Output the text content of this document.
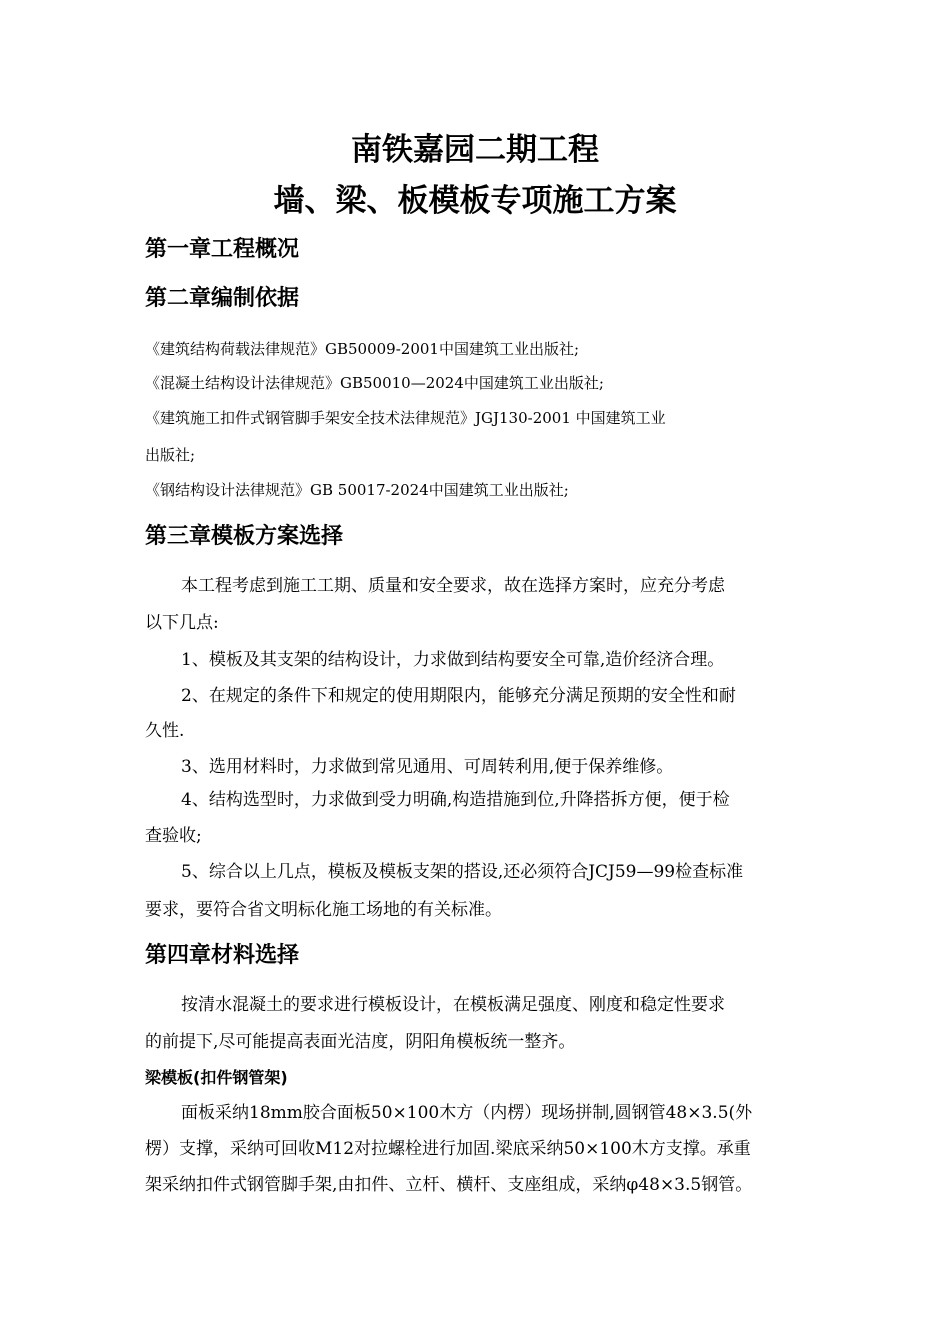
南铁嘉园二期工程
墙、梁、板模板专项施工方案
第一章工程概况
第二章编制依据
《建筑结构荷载法律规范》GB50009-2001中国建筑工业出版社;
《混凝土结构设计法律规范》GB50010—2024中国建筑工业出版社;
《建筑施工扣件式钢管脚手架安全技术法律规范》JGJ130-2001 中国建筑工业
出版社;
《钢结构设计法律规范》GB 50017-2024中国建筑工业出版社;
第三章模板方案选择
本工程考虑到施工工期、质量和安全要求，故在选择方案时，应充分考虑
以下几点:
1、模板及其支架的结构设计，力求做到结构要安全可靠,造价经济合理。
2、在规定的条件下和规定的使用期限内，能够充分满足预期的安全性和耐
久性.
3、选用材料时，力求做到常见通用、可周转利用,便于保养维修。
4、结构选型时，力求做到受力明确,构造措施到位,升降搭拆方便，便于检
查验收;
5、综合以上几点，模板及模板支架的搭设,还必须符合JCJ59—99检查标准
要求，要符合省文明标化施工场地的有关标准。
第四章材料选择
按清水混凝土的要求进行模板设计，在模板满足强度、刚度和稳定性要求
的前提下,尽可能提高表面光洁度，阴阳角模板统一整齐。
梁模板(扣件钢管架)
面板采纳18mm胶合面板50×100木方（内楞）现场拼制,圆钢管48×3.5(外
楞）支撑，采纳可回收M12对拉螺栓进行加固.梁底采纳50×100木方支撑。承重
架采纳扣件式钢管脚手架,由扣件、立杆、横杆、支座组成，采纳φ48×3.5钢管。
